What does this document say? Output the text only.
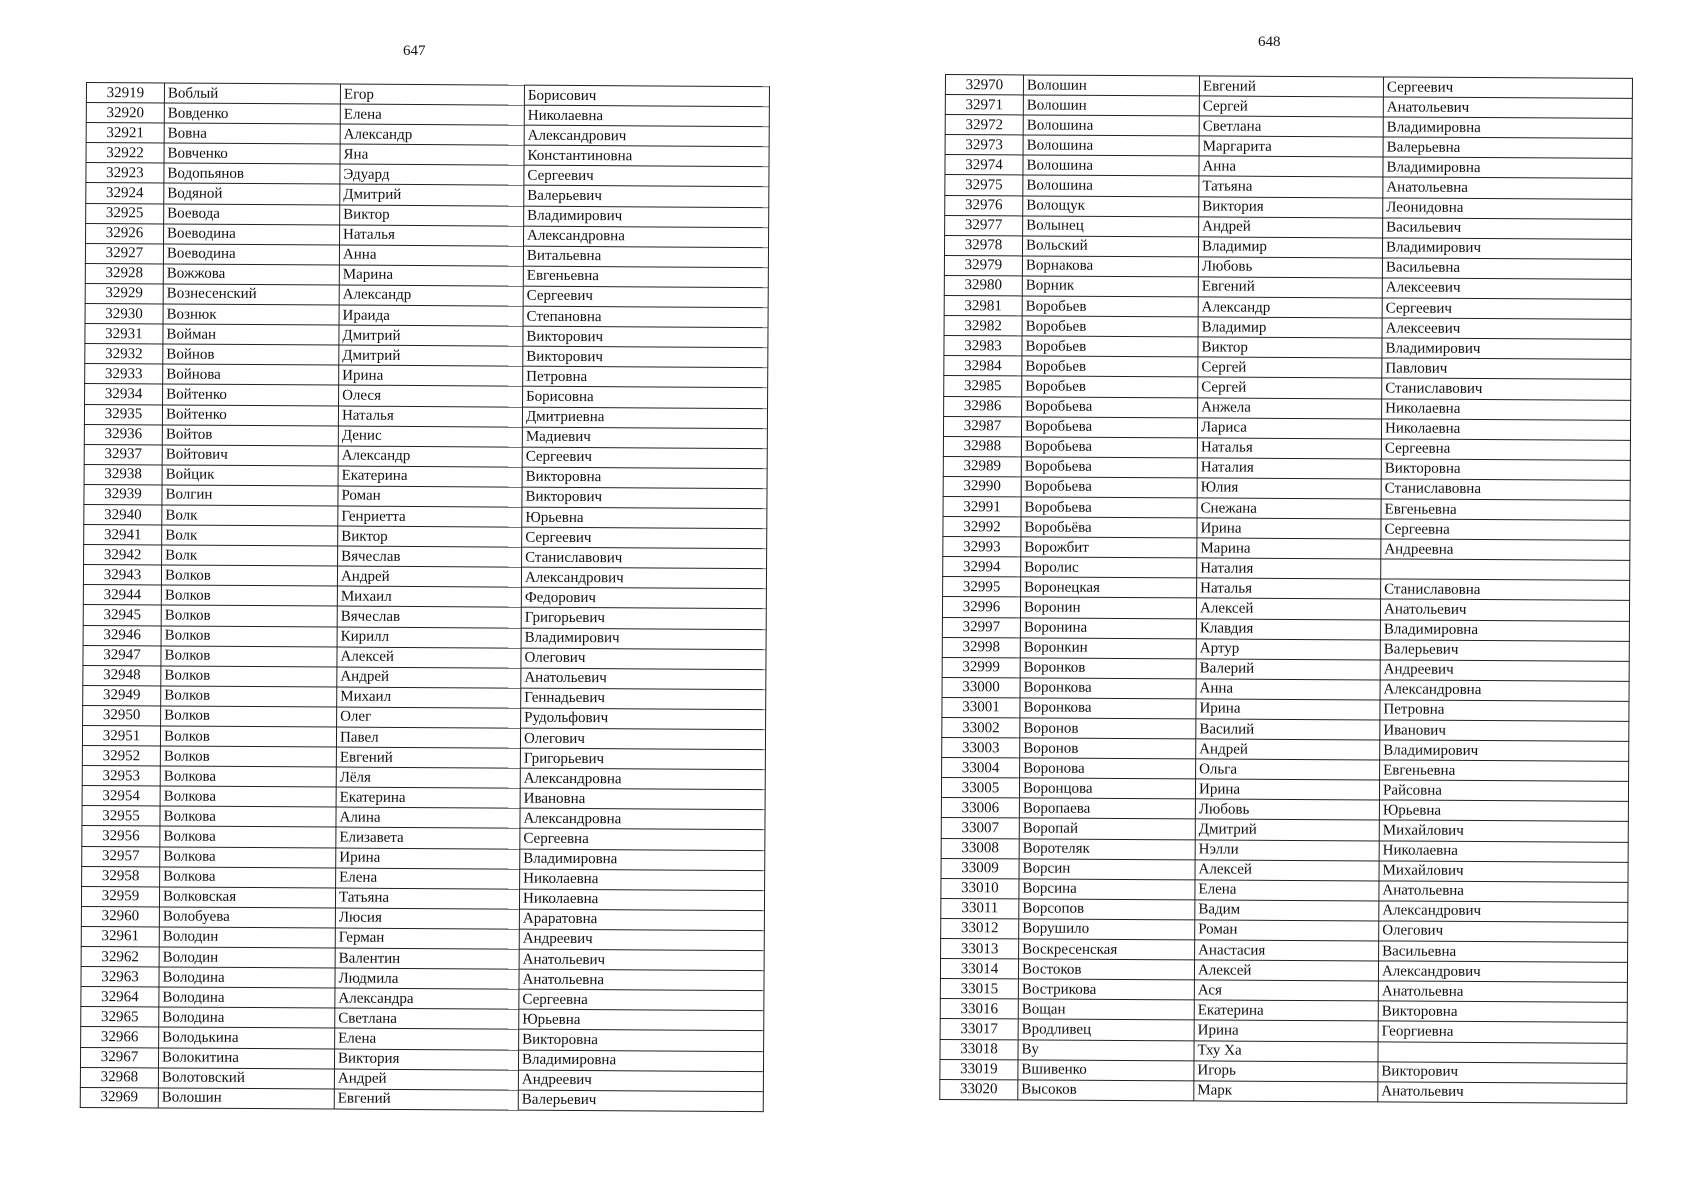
647
32919	Воблый	Егор	Борисович
32920	Вовденко	Елена	Николаевна
32921	Вовна	Александр	Александрович
32922	Вовченко	Яна	Константиновна
32923	Водопьянов	Эдуард	Сергеевич
32924	Водяной	Дмитрий	Валерьевич
32925	Воевода	Виктор	Владимирович
32926	Воеводина	Наталья	Александровна
32927	Воеводина	Анна	Витальевна
32928	Вожжова	Марина	Евгеньевна
32929	Вознесенский	Александр	Сергеевич
32930	Вознюк	Ираида	Степановна
32931	Войман	Дмитрий	Викторович
32932	Войнов	Дмитрий	Викторович
32933	Войнова	Ирина	Петровна
32934	Войтенко	Олеся	Борисовна
32935	Войтенко	Наталья	Дмитриевна
32936	Войтов	Денис	Мадиевич
32937	Войтович	Александр	Сергеевич
32938	Войцик	Екатерина	Викторовна
32939	Волгин	Роман	Викторович
32940	Волк	Генриетта	Юрьевна
32941	Волк	Виктор	Сергеевич
32942	Волк	Вячеслав	Станиславович
32943	Волков	Андрей	Александрович
32944	Волков	Михаил	Федорович
32945	Волков	Вячеслав	Григорьевич
32946	Волков	Кирилл	Владимирович
32947	Волков	Алексей	Олегович
32948	Волков	Андрей	Анатольевич
32949	Волков	Михаил	Геннадьевич
32950	Волков	Олег	Рудольфович
32951	Волков	Павел	Олегович
32952	Волков	Евгений	Григорьевич
32953	Волкова	Лёля	Александровна
32954	Волкова	Екатерина	Ивановна
32955	Волкова	Алина	Александровна
32956	Волкова	Елизавета	Сергеевна
32957	Волкова	Ирина	Владимировна
32958	Волкова	Елена	Николаевна
32959	Волковская	Татьяна	Николаевна
32960	Волобуева	Люсия	Араратовна
32961	Володин	Герман	Андреевич
32962	Володин	Валентин	Анатольевич
32963	Володина	Людмила	Анатольевна
32964	Володина	Александра	Сергеевна
32965	Володина	Светлана	Юрьевна
32966	Володькина	Елена	Викторовна
32967	Волокитина	Виктория	Владимировна
32968	Волотовский	Андрей	Андреевич
32969	Волошин	Евгений	Валерьевич
648
32970	Волошин	Евгений	Сергеевич
32971	Волошин	Сергей	Анатольевич
32972	Волошина	Светлана	Владимировна
32973	Волошина	Маргарита	Валерьевна
32974	Волошина	Анна	Владимировна
32975	Волошина	Татьяна	Анатольевна
32976	Волощук	Виктория	Леонидовна
32977	Волынец	Андрей	Васильевич
32978	Вольский	Владимир	Владимирович
32979	Ворнакова	Любовь	Васильевна
32980	Ворник	Евгений	Алексеевич
32981	Воробьев	Александр	Сергеевич
32982	Воробьев	Владимир	Алексеевич
32983	Воробьев	Виктор	Владимирович
32984	Воробьев	Сергей	Павлович
32985	Воробьев	Сергей	Станиславович
32986	Воробьева	Анжела	Николаевна
32987	Воробьева	Лариса	Николаевна
32988	Воробьева	Наталья	Сергеевна
32989	Воробьева	Наталия	Викторовна
32990	Воробьева	Юлия	Станиславовна
32991	Воробьева	Снежана	Евгеньевна
32992	Воробьёва	Ирина	Сергеевна
32993	Ворожбит	Марина	Андреевна
32994	Воролис	Наталия	
32995	Воронецкая	Наталья	Станиславовна
32996	Воронин	Алексей	Анатольевич
32997	Воронина	Клавдия	Владимировна
32998	Воронкин	Артур	Валерьевич
32999	Воронков	Валерий	Андреевич
33000	Воронкова	Анна	Александровна
33001	Воронкова	Ирина	Петровна
33002	Воронов	Василий	Иванович
33003	Воронов	Андрей	Владимирович
33004	Воронова	Ольга	Евгеньевна
33005	Воронцова	Ирина	Райсовна
33006	Воропаева	Любовь	Юрьевна
33007	Воропай	Дмитрий	Михайлович
33008	Воротеляк	Нэлли	Николаевна
33009	Ворсин	Алексей	Михайлович
33010	Ворсина	Елена	Анатольевна
33011	Ворсопов	Вадим	Александрович
33012	Ворушило	Роман	Олегович
33013	Воскресенская	Анастасия	Васильевна
33014	Востоков	Алексей	Александрович
33015	Вострикова	Ася	Анатольевна
33016	Вощан	Екатерина	Викторовна
33017	Вродливец	Ирина	Георгиевна
33018	Ву	Тху Ха	
33019	Вшивенко	Игорь	Викторович
33020	Высоков	Марк	Анатольевич
